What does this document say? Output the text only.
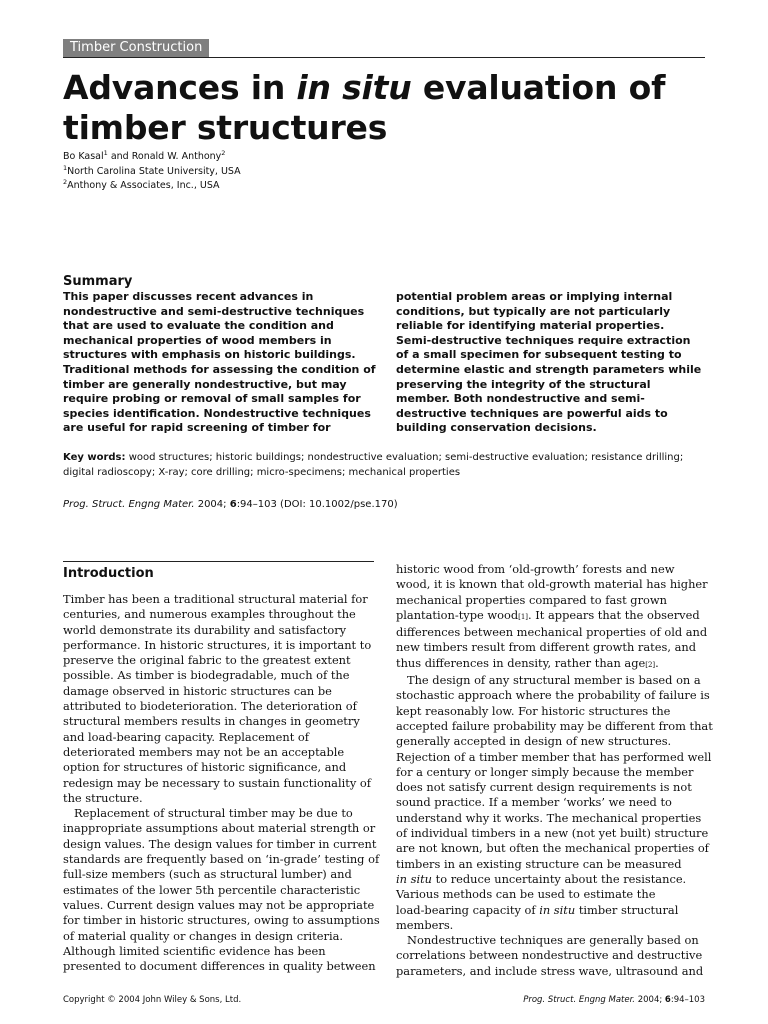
Timber Construction
Advances in in situ evaluation of
timber structures
Bo Kasal$^1$ and Ronald W. Anthony$^2$
$^1$North Carolina State University, USA
$^2$Anthony & Associates, Inc., USA
Summary
This paper discusses recent advances in
nondestructive and semi-destructive techniques
that are used to evaluate the condition and
mechanical properties of wood members in
structures with emphasis on historic buildings.
Traditional methods for assessing the condition of
timber are generally nondestructive, but may
require probing or removal of small samples for
species identification. Nondestructive techniques
are useful for rapid screening of timber for
potential problem areas or implying internal
conditions, but typically are not particularly
reliable for identifying material properties.
Semi-destructive techniques require extraction
of a small specimen for subsequent testing to
determine elastic and strength parameters while
preserving the integrity of the structural
member. Both nondestructive and semi-
destructive techniques are powerful aids to
building conservation decisions.
Key words: wood structures; historic buildings; nondestructive evaluation; semi-destructive evaluation; resistance drilling;
digital radioscopy; X-ray; core drilling; micro-specimens; mechanical properties
Prog. Struct. Engng Mater. 2004; 6:94–103 (DOI: 10.1002/pse.170)
Introduction
Timber has been a traditional structural material for
centuries, and numerous examples throughout the
world demonstrate its durability and satisfactory
performance. In historic structures, it is important to
preserve the original fabric to the greatest extent
possible. As timber is biodegradable, much of the
damage observed in historic structures can be
attributed to biodeterioration. The deterioration of
structural members results in changes in geometry
and load-bearing capacity. Replacement of
deteriorated members may not be an acceptable
option for structures of historic significance, and
redesign may be necessary to sustain functionality of
the structure.
Replacement of structural timber may be due to
inappropriate assumptions about material strength or
design values. The design values for timber in current
standards are frequently based on ‘in-grade’ testing of
full-size members (such as structural lumber) and
estimates of the lower 5th percentile characteristic
values. Current design values may not be appropriate
for timber in historic structures, owing to assumptions
of material quality or changes in design criteria.
Although limited scientific evidence has been
presented to document differences in quality between
historic wood from ‘old-growth’ forests and new
wood, it is known that old-growth material has higher
mechanical properties compared to fast grown
plantation-type wood[1]. It appears that the observed
differences between mechanical properties of old and
new timbers result from different growth rates, and
thus differences in density, rather than age[2].
The design of any structural member is based on a
stochastic approach where the probability of failure is
kept reasonably low. For historic structures the
accepted failure probability may be different from that
generally accepted in design of new structures.
Rejection of a timber member that has performed well
for a century or longer simply because the member
does not satisfy current design requirements is not
sound practice. If a member ‘works’ we need to
understand why it works. The mechanical properties
of individual timbers in a new (not yet built) structure
are not known, but often the mechanical properties of
timbers in an existing structure can be measured
in situ to reduce uncertainty about the resistance.
Various methods can be used to estimate the
load-bearing capacity of in situ timber structural
members.
Nondestructive techniques are generally based on
correlations between nondestructive and destructive
parameters, and include stress wave, ultrasound and
Copyright © 2004 John Wiley & Sons, Ltd.	Prog. Struct. Engng Mater. 2004; 6:94–103
